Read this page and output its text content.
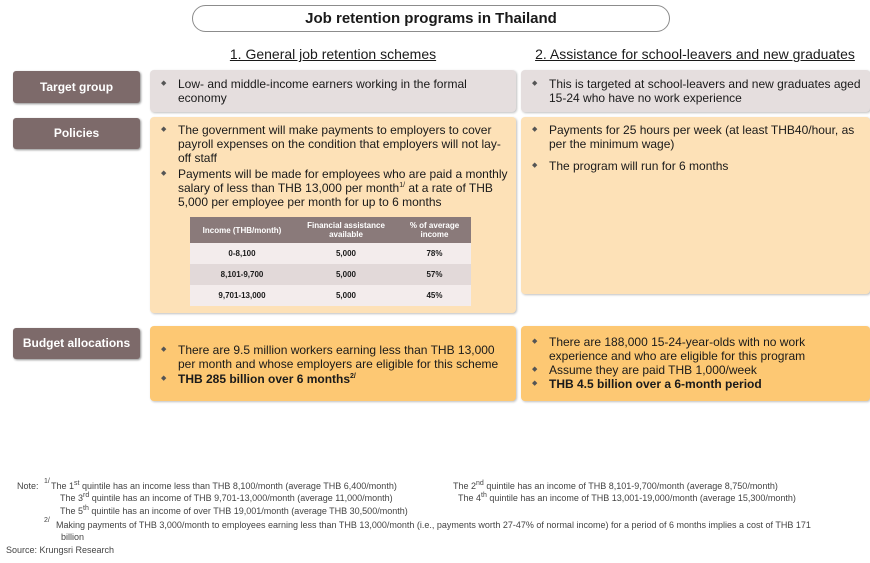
Job retention programs in Thailand
1. General job retention schemes	2. Assistance for school-leavers and new graduates
Target group
Policies
Budget allocations
◆ Low- and middle-income earners working in the formal economy
◆ This is targeted at school-leavers and new graduates aged 15-24 who have no work experience
◆ The government will make payments to employers to cover payroll expenses on the condition that employers will not lay-off staff
◆ Payments will be made for employees who are paid a monthly salary of less than THB 13,000 per month$^{1/}$ at a rate of THB 5,000 per employee per month for up to 6 months
Income (THB/month)	Financial assistance available	% of average income
0-8,100	5,000	78%
8,101-9,700	5,000	57%
9,701-13,000	5,000	45%
◆ Payments for 25 hours per week (at least THB40/hour, as per the minimum wage)
◆ The program will run for 6 months
◆ There are 9.5 million workers earning less than THB 13,000 per month and whose employers are eligible for this scheme
◆ THB 285 billion over 6 months$^{2/}$
◆ There are 188,000 15-24-year-olds with no work experience and who are eligible for this program
◆ Assume they are paid THB 1,000/week
◆ THB 4.5 billion over a 6-month period
Note: 1/ The 1st quintile has an income less than THB 8,100/month (average THB 6,400/month)	The 2nd quintile has an income of THB 8,101-9,700/month (average 8,750/month)
The 3rd quintile has an income of THB 9,701-13,000/month (average 11,000/month)	The 4th quintile has an income of THB 13,001-19,000/month (average 15,300/month)
The 5th quintile has an income of over THB 19,001/month (average THB 30,500/month)
2/ Making payments of THB 3,000/month to employees earning less than THB 13,000/month (i.e., payments worth 27-47% of normal income) for a period of 6 months implies a cost of THB 171
billion
Source: Krungsri Research
